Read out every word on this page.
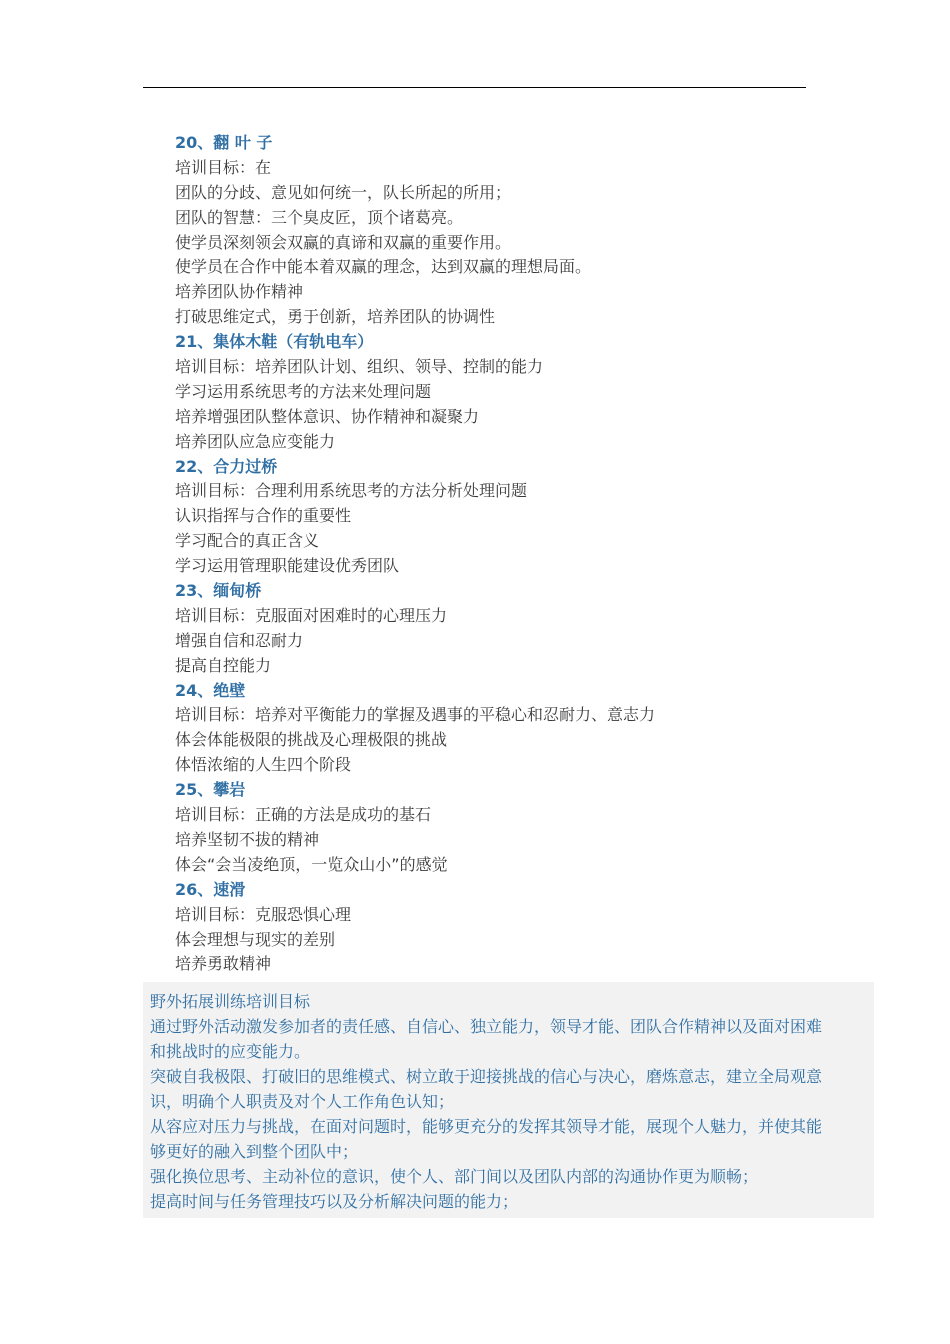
20、翻 叶 子
培训目标：在
团队的分歧、意见如何统一，队长所起的所用；
团队的智慧：三个臭皮匠，顶个诸葛亮。
使学员深刻领会双赢的真谛和双赢的重要作用。
使学员在合作中能本着双赢的理念，达到双赢的理想局面。
培养团队协作精神
打破思维定式，勇于创新，培养团队的协调性
21、集体木鞋（有轨电车）
培训目标：培养团队计划、组织、领导、控制的能力
学习运用系统思考的方法来处理问题
培养增强团队整体意识、协作精神和凝聚力
培养团队应急应变能力
22、合力过桥
培训目标：合理利用系统思考的方法分析处理问题
认识指挥与合作的重要性
学习配合的真正含义
学习运用管理职能建设优秀团队
23、缅甸桥
培训目标：克服面对困难时的心理压力
增强自信和忍耐力
提高自控能力
24、绝壁
培训目标：培养对平衡能力的掌握及遇事的平稳心和忍耐力、意志力
体会体能极限的挑战及心理极限的挑战
体悟浓缩的人生四个阶段
25、攀岩
培训目标：正确的方法是成功的基石
培养坚韧不拔的精神
体会“会当凌绝顶，一览众山小”的感觉
26、速滑
培训目标：克服恐惧心理
体会理想与现实的差别
培养勇敢精神
野外拓展训练培训目标
通过野外活动激发参加者的责任感、自信心、独立能力，领导才能、团队合作精神以及面对困难
和挑战时的应变能力。
突破自我极限、打破旧的思维模式、树立敢于迎接挑战的信心与决心，磨炼意志，建立全局观意
识，明确个人职责及对个人工作角色认知；
从容应对压力与挑战，在面对问题时，能够更充分的发挥其领导才能，展现个人魅力，并使其能
够更好的融入到整个团队中；
强化换位思考、主动补位的意识，使个人、部门间以及团队内部的沟通协作更为顺畅；
提高时间与任务管理技巧以及分析解决问题的能力；
